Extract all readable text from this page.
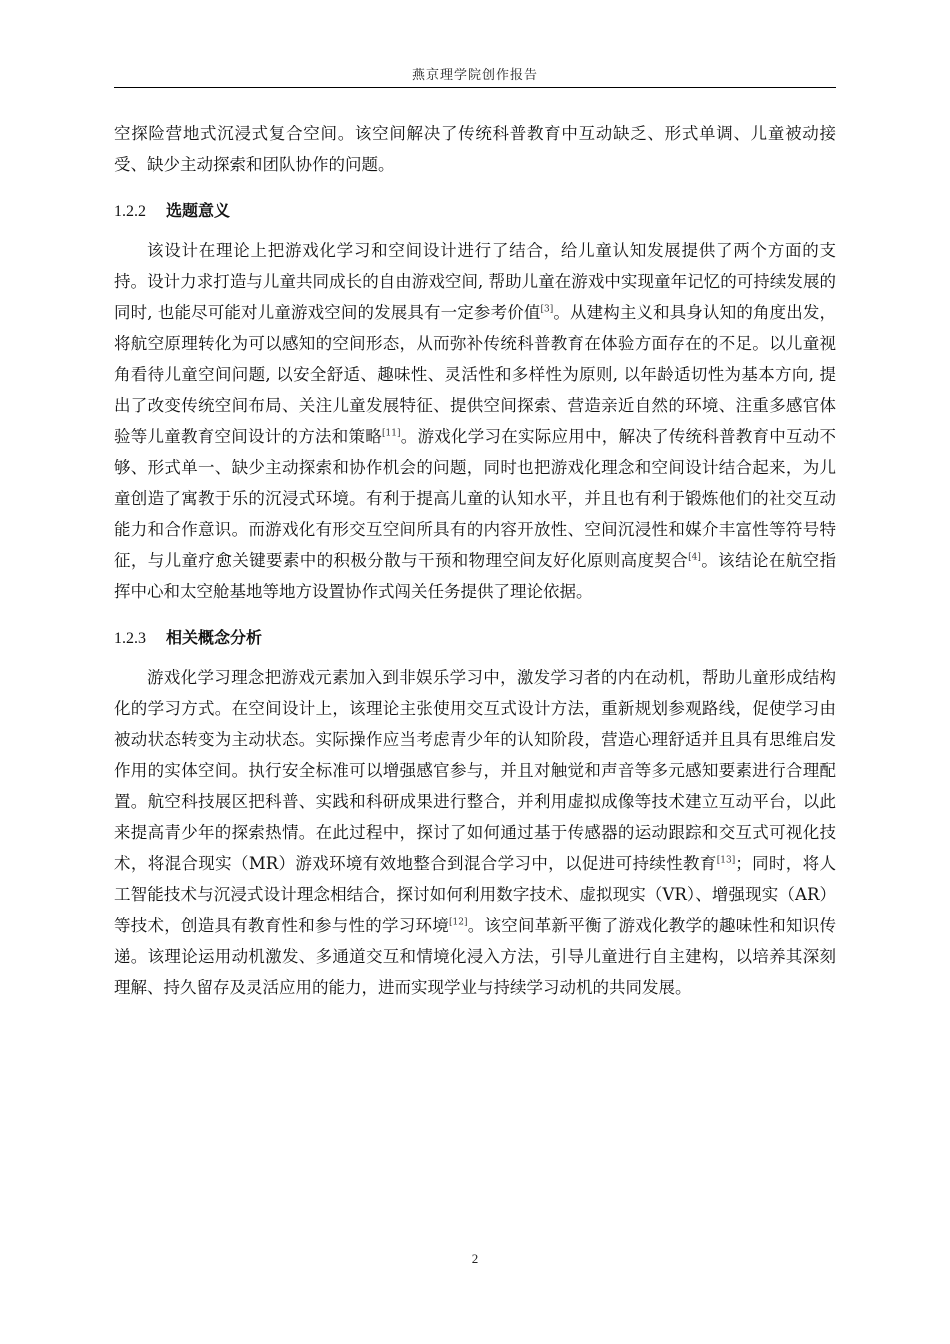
燕京理学院创作报告

空探险营地式沉浸式复合空间。该空间解决了传统科普教育中互动缺乏、形式单调、儿童被动接受、缺少主动探索和团队协作的问题。

1.2.2 选题意义

该设计在理论上把游戏化学习和空间设计进行了结合，给儿童认知发展提供了两个方面的支持。设计力求打造与儿童共同成长的自由游戏空间, 帮助儿童在游戏中实现童年记忆的可持续发展的同时, 也能尽可能对儿童游戏空间的发展具有一定参考价值[3]。从建构主义和具身认知的角度出发，将航空原理转化为可以感知的空间形态，从而弥补传统科普教育在体验方面存在的不足。以儿童视角看待儿童空间问题, 以安全舒适、趣味性、灵活性和多样性为原则, 以年龄适切性为基本方向, 提出了改变传统空间布局、关注儿童发展特征、提供空间探索、营造亲近自然的环境、注重多感官体验等儿童教育空间设计的方法和策略[11]。游戏化学习在实际应用中，解决了传统科普教育中互动不够、形式单一、缺少主动探索和协作机会的问题，同时也把游戏化理念和空间设计结合起来，为儿童创造了寓教于乐的沉浸式环境。有利于提高儿童的认知水平，并且也有利于锻炼他们的社交互动能力和合作意识。而游戏化有形交互空间所具有的内容开放性、空间沉浸性和媒介丰富性等符号特征，与儿童疗愈关键要素中的积极分散与干预和物理空间友好化原则高度契合[4]。该结论在航空指挥中心和太空舱基地等地方设置协作式闯关任务提供了理论依据。

1.2.3 相关概念分析

游戏化学习理念把游戏元素加入到非娱乐学习中，激发学习者的内在动机，帮助儿童形成结构化的学习方式。在空间设计上，该理论主张使用交互式设计方法，重新规划参观路线，促使学习由被动状态转变为主动状态。实际操作应当考虑青少年的认知阶段，营造心理舒适并且具有思维启发作用的实体空间。执行安全标准可以增强感官参与，并且对触觉和声音等多元感知要素进行合理配置。航空科技展区把科普、实践和科研成果进行整合，并利用虚拟成像等技术建立互动平台，以此来提高青少年的探索热情。在此过程中，探讨了如何通过基于传感器的运动跟踪和交互式可视化技术，将混合现实（MR）游戏环境有效地整合到混合学习中，以促进可持续性教育[13]；同时，将人工智能技术与沉浸式设计理念相结合，探讨如何利用数字技术、虚拟现实（VR）、增强现实（AR）等技术，创造具有教育性和参与性的学习环境[12]。该空间革新平衡了游戏化教学的趣味性和知识传递。该理论运用动机激发、多通道交互和情境化浸入方法，引导儿童进行自主建构，以培养其深刻理解、持久留存及灵活应用的能力，进而实现学业与持续学习动机的共同发展。

2
